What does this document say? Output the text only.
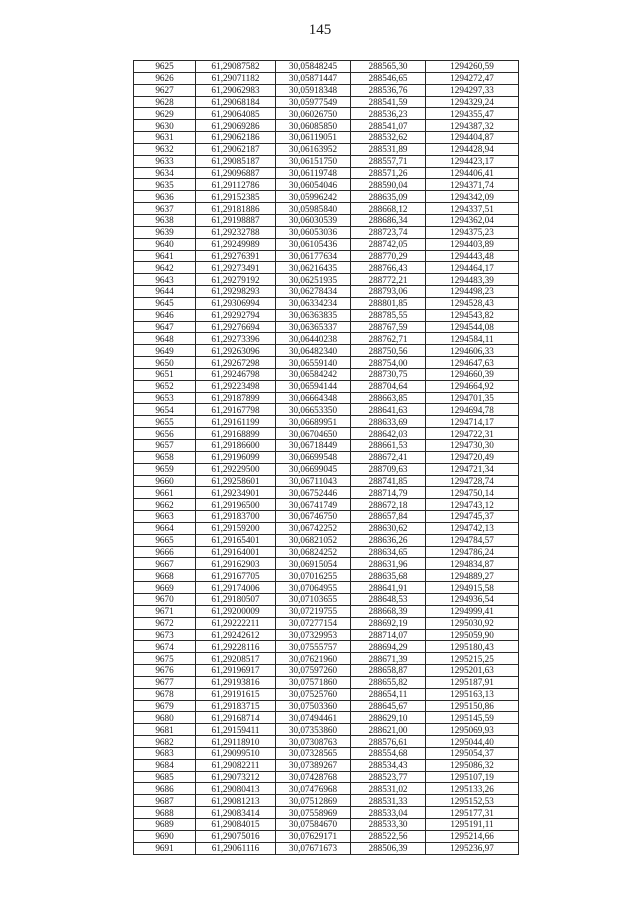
145
9625	61,29087582	30,05848245	288565,30	1294260,59
9626	61,29071182	30,05871447	288546,65	1294272,47
9627	61,29062983	30,05918348	288536,76	1294297,33
9628	61,29068184	30,05977549	288541,59	1294329,24
9629	61,29064085	30,06026750	288536,23	1294355,47
9630	61,29069286	30,06085850	288541,07	1294387,32
9631	61,29062186	30,06119051	288532,62	1294404,87
9632	61,29062187	30,06163952	288531,89	1294428,94
9633	61,29085187	30,06151750	288557,71	1294423,17
9634	61,29096887	30,06119748	288571,26	1294406,41
9635	61,29112786	30,06054046	288590,04	1294371,74
9636	61,29152385	30,05996242	288635,09	1294342,09
9637	61,29181886	30,05985840	288668,12	1294337,51
9638	61,29198887	30,06030539	288686,34	1294362,04
9639	61,29232788	30,06053036	288723,74	1294375,23
9640	61,29249989	30,06105436	288742,05	1294403,89
9641	61,29276391	30,06177634	288770,29	1294443,48
9642	61,29273491	30,06216435	288766,43	1294464,17
9643	61,29279192	30,06251935	288772,21	1294483,39
9644	61,29298293	30,06278434	288793,06	1294498,23
9645	61,29306994	30,06334234	288801,85	1294528,43
9646	61,29292794	30,06363835	288785,55	1294543,82
9647	61,29276694	30,06365337	288767,59	1294544,08
9648	61,29273396	30,06440238	288762,71	1294584,11
9649	61,29263096	30,06482340	288750,56	1294606,33
9650	61,29267298	30,06559140	288754,00	1294647,63
9651	61,29246798	30,06584242	288730,75	1294660,39
9652	61,29223498	30,06594144	288704,64	1294664,92
9653	61,29187899	30,06664348	288663,85	1294701,35
9654	61,29167798	30,06653350	288641,63	1294694,78
9655	61,29161199	30,06689951	288633,69	1294714,17
9656	61,29168899	30,06704650	288642,03	1294722,31
9657	61,29186600	30,06718449	288661,53	1294730,30
9658	61,29196099	30,06699548	288672,41	1294720,49
9659	61,29229500	30,06699045	288709,63	1294721,34
9660	61,29258601	30,06711043	288741,85	1294728,74
9661	61,29234901	30,06752446	288714,79	1294750,14
9662	61,29196500	30,06741749	288672,18	1294743,12
9663	61,29183700	30,06746750	288657,84	1294745,37
9664	61,29159200	30,06742252	288630,62	1294742,13
9665	61,29165401	30,06821052	288636,26	1294784,57
9666	61,29164001	30,06824252	288634,65	1294786,24
9667	61,29162903	30,06915054	288631,96	1294834,87
9668	61,29167705	30,07016255	288635,68	1294889,27
9669	61,29174006	30,07064955	288641,91	1294915,58
9670	61,29180507	30,07103655	288648,53	1294936,54
9671	61,29200009	30,07219755	288668,39	1294999,41
9672	61,29222211	30,07277154	288692,19	1295030,92
9673	61,29242612	30,07329953	288714,07	1295059,90
9674	61,29228116	30,07555757	288694,29	1295180,43
9675	61,29208517	30,07621960	288671,39	1295215,25
9676	61,29196917	30,07597260	288658,87	1295201,63
9677	61,29193816	30,07571860	288655,82	1295187,91
9678	61,29191615	30,07525760	288654,11	1295163,13
9679	61,29183715	30,07503360	288645,67	1295150,86
9680	61,29168714	30,07494461	288629,10	1295145,59
9681	61,29159411	30,07353860	288621,00	1295069,93
9682	61,29118910	30,07308763	288576,61	1295044,40
9683	61,29099510	30,07328565	288554,68	1295054,37
9684	61,29082211	30,07389267	288534,43	1295086,32
9685	61,29073212	30,07428768	288523,77	1295107,19
9686	61,29080413	30,07476968	288531,02	1295133,26
9687	61,29081213	30,07512869	288531,33	1295152,53
9688	61,29083414	30,07558969	288533,04	1295177,31
9689	61,29084015	30,07584670	288533,30	1295191,11
9690	61,29075016	30,07629171	288522,56	1295214,66
9691	61,29061116	30,07671673	288506,39	1295236,97
